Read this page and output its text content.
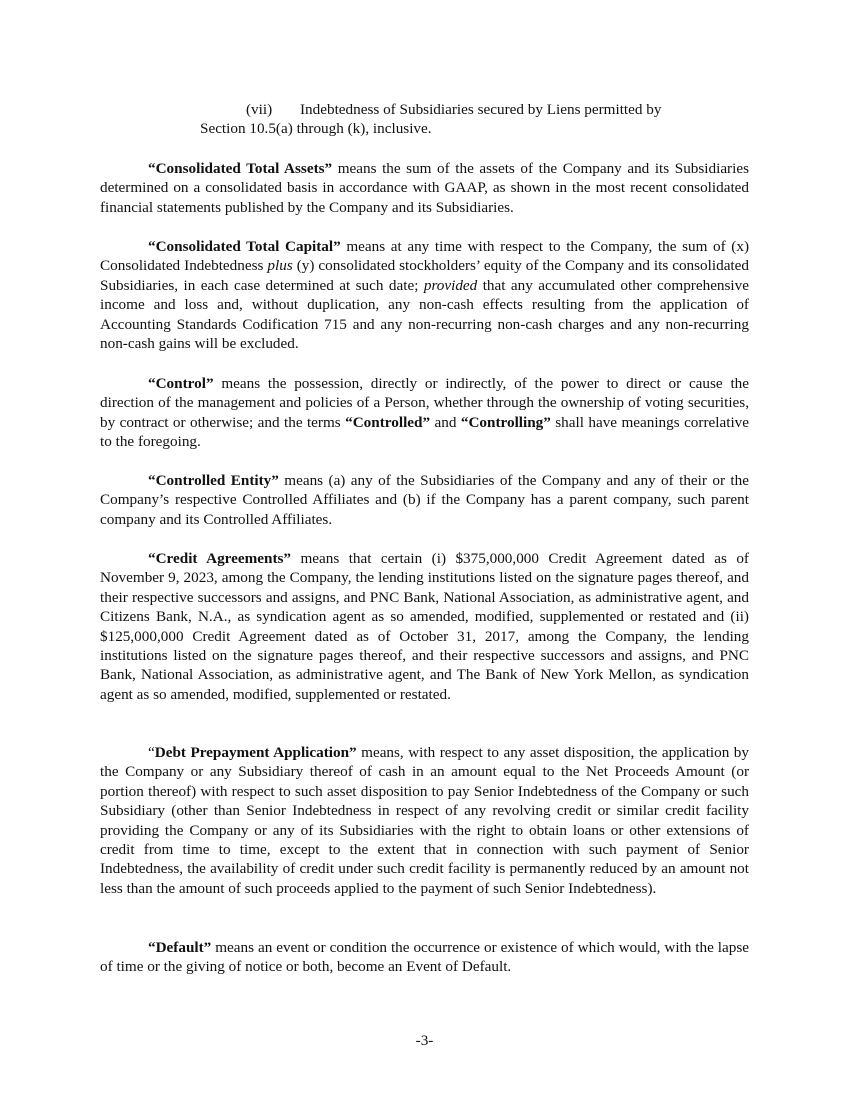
(vii) Indebtedness of Subsidiaries secured by Liens permitted by
Section 10.5(a) through (k), inclusive.

“Consolidated Total Assets” means the sum of the assets of the Company and its Subsidiaries determined on a consolidated basis in accordance with GAAP, as shown in the most recent consolidated financial statements published by the Company and its Subsidiaries.

“Consolidated Total Capital” means at any time with respect to the Company, the sum of (x) Consolidated Indebtedness plus (y) consolidated stockholders’ equity of the Company and its consolidated Subsidiaries, in each case determined at such date; provided that any accumulated other comprehensive income and loss and, without duplication, any non-cash effects resulting from the application of Accounting Standards Codification 715 and any non-recurring non-cash charges and any non-recurring non-cash gains will be excluded.

“Control” means the possession, directly or indirectly, of the power to direct or cause the direction of the management and policies of a Person, whether through the ownership of voting securities, by contract or otherwise; and the terms “Controlled” and “Controlling” shall have meanings correlative to the foregoing.

“Controlled Entity” means (a) any of the Subsidiaries of the Company and any of their or the Company’s respective Controlled Affiliates and (b) if the Company has a parent company, such parent company and its Controlled Affiliates.

“Credit Agreements” means that certain (i) $375,000,000 Credit Agreement dated as of November 9, 2023, among the Company, the lending institutions listed on the signature pages thereof, and their respective successors and assigns, and PNC Bank, National Association, as administrative agent, and Citizens Bank, N.A., as syndication agent as so amended, modified, supplemented or restated and (ii) $125,000,000 Credit Agreement dated as of October 31, 2017, among the Company, the lending institutions listed on the signature pages thereof, and their respective successors and assigns, and PNC Bank, National Association, as administrative agent, and The Bank of New York Mellon, as syndication agent as so amended, modified, supplemented or restated.

“Debt Prepayment Application” means, with respect to any asset disposition, the application by the Company or any Subsidiary thereof of cash in an amount equal to the Net Proceeds Amount (or portion thereof) with respect to such asset disposition to pay Senior Indebtedness of the Company or such Subsidiary (other than Senior Indebtedness in respect of any revolving credit or similar credit facility providing the Company or any of its Subsidiaries with the right to obtain loans or other extensions of credit from time to time, except to the extent that in connection with such payment of Senior Indebtedness, the availability of credit under such credit facility is permanently reduced by an amount not less than the amount of such proceeds applied to the payment of such Senior Indebtedness).

“Default” means an event or condition the occurrence or existence of which would, with the lapse of time or the giving of notice or both, become an Event of Default.

-3-
